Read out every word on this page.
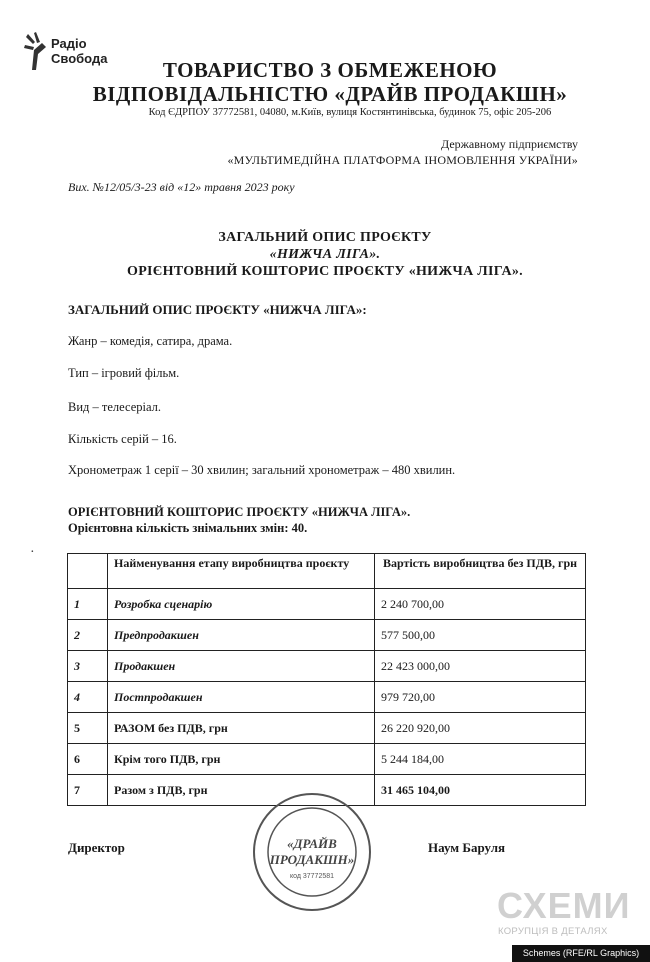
Радіо
Свобода	ТОВАРИСТВО З ОБМЕЖЕНОЮ
ВІДПОВІДАЛЬНІСТЮ «ДРАЙВ ПРОДАКШН»
Код ЄДРПОУ 37772581, 04080, м.Київ, вулиця Костянтинівська, будинок 75, офіс 205-206
Державному підприємству
«МУЛЬТИМЕДІЙНА ПЛАТФОРМА ІНОМОВЛЕННЯ УКРАЇНИ»
Вих. №12/05/3-23 від «12» травня 2023 року
ЗАГАЛЬНИЙ ОПИС ПРОЄКТУ
«НИЖЧА ЛІГА».
ОРІЄНТОВНИЙ КОШТОРИС ПРОЄКТУ «НИЖЧА ЛІГА».
ЗАГАЛЬНИЙ ОПИС ПРОЄКТУ «НИЖЧА ЛІГА»:
Жанр – комедія, сатира, драма.
Тип – ігровий фільм.
Вид – телесеріал.
Кількість серій – 16.
Хронометраж 1 серії – 30 хвилин; загальний хронометраж – 480 хвилин.
ОРІЄНТОВНИЙ КОШТОРИС ПРОЄКТУ «НИЖЧА ЛІГА».
Орієнтовна кількість знімальних змін: 40.
·
	Найменування етапу виробництва проєкту	Вартість виробництва без ПДВ, грн
1	Розробка сценарію	2 240 700,00
2	Предпродакшен	577 500,00
3	Продакшен	22 423 000,00
4	Постпродакшен	979 720,00
5	РАЗОМ без ПДВ, грн	26 220 920,00
6	Крім того ПДВ, грн	5 244 184,00
7	Разом з ПДВ, грн	31 465 104,00
«ДРАЙВ
ПРОДАКШН»
код 37772581
Директор	Наум Баруля
СХЕМИ
КОРУПЦІЯ В ДЕТАЛЯХ
Schemes (RFE/RL Graphics)
